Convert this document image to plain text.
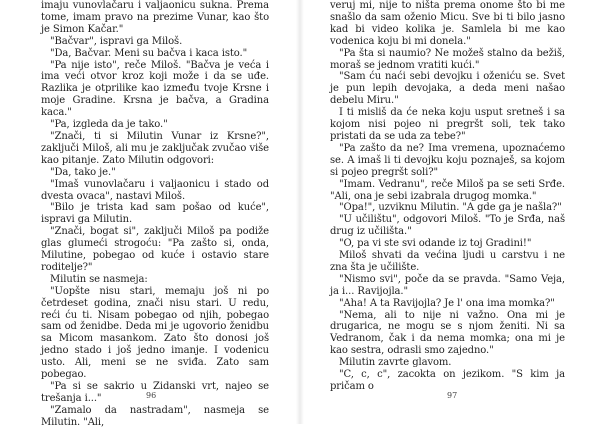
imaju vunovlačaru i valjaonicu sukna. Prema tome, imam pravo na prezime Vunar, kao što je Simon Kačar."

"Bačvar", ispravi ga Miloš.

"Da, Bačvar. Meni su bačva i kaca isto."

"Pa nije isto", reče Miloš. "Bačva je veća i ima veći otvor kroz koji može i da se uđe. Razlika je otprilike kao između tvoje Krsne i moje Gradine. Krsna je bačva, a Gradina kaca."

"Pa, izgleda da je tako."

"Znači, ti si Milutin Vunar iz Krsne?", zaključi Miloš, ali mu je zaključak zvučao više kao pitanje. Zato Milutin odgovori:

"Da, tako je."

"Imaš vunovlačaru i valjaonicu i stado od dvesta ovaca", nastavi Miloš.

"Bilo je trista kad sam pošao od kuće", ispravi ga Milutin.

"Znači, bogat si", zaključi Miloš pa podiže glas glumeći strogoću: "Pa zašto si, onda, Milutine, pobegao od kuće i ostavio stare roditelje?"

Milutin se nasmeja:

"Uopšte nisu stari, memaju još ni po četrdeset godina, znači nisu stari. U redu, reći ću ti. Nisam pobegao od njih, pobegao sam od ženidbe. Deda mi je ugovorio ženidbu sa Micom masankom. Zato što donosi još jedno stado i još jedno imanje. I vodenicu usto. Ali, meni se ne sviđa. Zato sam pobegao.

"Pa si se sakrio u Zidanski vrt, najeo se trešanja i..."

"Zamalo da nastradam", nasmeja se Milutin. "Ali,

96

veruj mi, nije to ništa prema onome što bi me snašlo da sam oženio Micu. Sve bi ti bilo jasno kad bi video kolika je. Samlela bi me kao vodenica koju bi mi donela."

"Pa šta si naumio? Ne možeš stalno da bežiš, moraš se jednom vratiti kući."

"Sam ću naći sebi devojku i oženiću se. Svet je pun lepih devojaka, a deda meni našao debelu Miru."

I ti misliš da će neka koju usput sretneš i sa kojom nisi pojeo ni pregršt soli, tek tako pristati da se uda za tebe?"

"Pa zašto da ne? Ima vremena, upoznaćemo se. A imaš li ti devojku koju poznaješ, sa kojom si pojeo pregršt soli?"

"Imam. Vedranu", reče Miloš pa se seti Srđe. "Ali, ona je sebi izabrala drugog momka."

"Opa!", uzviknu Milutin. "A gde ga je našla?"

"U učilištu", odgovori Miloš. "To je Srđa, naš drug iz učilišta."

"O, pa vi ste svi odande iz toj Gradini!"

Miloš shvati da većina ljudi u carstvu i ne zna šta je učilište.

"Nismo svi", poče da se pravda. "Samo Veja, ja i... Ravijojla."

"Aha! A ta Ravijojla? Je l' ona ima momka?"

"Nema, ali to nije ni važno. Ona mi je drugarica, ne mogu se s njom ženiti. Ni sa Vedranom, čak i da nema momka; ona mi je kao sestra, odrasli smo zajedno."

Milutin zavrte glavom.

"C, c, c", zacokta on jezikom. "S kim ja pričam o

97
